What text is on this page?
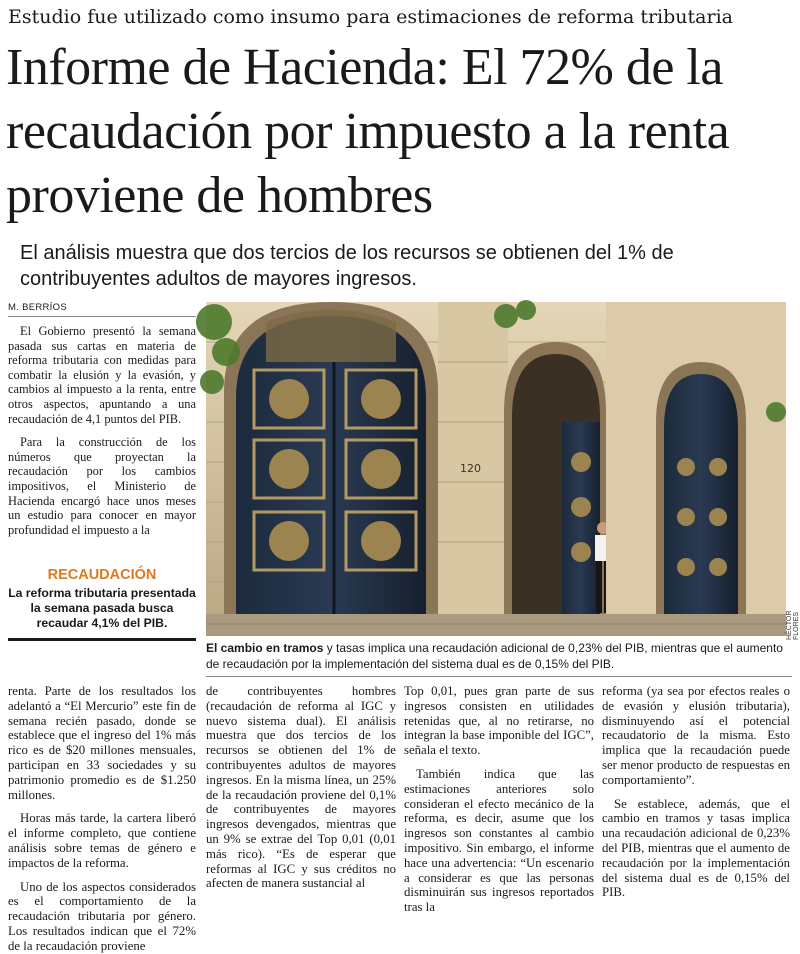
Estudio fue utilizado como insumo para estimaciones de reforma tributaria
Informe de Hacienda: El 72% de la recaudación por impuesto a la renta proviene de hombres
El análisis muestra que dos tercios de los recursos se obtienen del 1% de contribuyentes adultos de mayores ingresos.
M. BERRÍOS

El Gobierno presentó la semana pasada sus cartas en materia de reforma tributaria con medidas para combatir la elusión y la evasión, y cambios al impuesto a la renta, entre otros aspectos, apuntando a una recaudación de 4,1 puntos del PIB.

Para la construcción de los números que proyectan la recaudación por los cambios impositivos, el Ministerio de Hacienda encargó hace unos meses un estudio para conocer en mayor profundidad el impuesto a la

RECAUDACIÓN
La reforma tributaria presentada la semana pasada busca recaudar 4,1% del PIB.
120
HÉCTOR FLORES
El cambio en tramos y tasas implica una recaudación adicional de 0,23% del PIB, mientras que el aumento de recaudación por la implementación del sistema dual es de 0,15% del PIB.

renta. Parte de los resultados los adelantó a “El Mercurio” este fin de semana recién pasado, donde se establece que el ingreso del 1% más rico es de $20 millones mensuales, participan en 33 sociedades y su patrimonio promedio es de $1.250 millones.

Horas más tarde, la cartera liberó el informe completo, que contiene análisis sobre temas de género e impactos de la reforma.

Uno de los aspectos considerados es el comportamiento de la recaudación tributaria por género. Los resultados indican que el 72% de la recaudación proviene

de contribuyentes hombres (recaudación de reforma al IGC y nuevo sistema dual). El análisis muestra que dos tercios de los recursos se obtienen del 1% de contribuyentes adultos de mayores ingresos. En la misma línea, un 25% de la recaudación proviene del 0,1% de contribuyentes de mayores ingresos devengados, mientras que un 9% se extrae del Top 0,01 (0,01 más rico). “Es de esperar que reformas al IGC y sus créditos no afecten de manera sustancial al

Top 0,01, pues gran parte de sus ingresos consisten en utilidades retenidas que, al no retirarse, no integran la base imponible del IGC”, señala el texto.

También indica que las estimaciones anteriores solo consideran el efecto mecánico de la reforma, es decir, asume que los ingresos son constantes al cambio impositivo. Sin embargo, el informe hace una advertencia: “Un escenario a considerar es que las personas disminuirán sus ingresos reportados tras la

reforma (ya sea por efectos reales o de evasión y elusión tributaria), disminuyendo así el potencial recaudatorio de la misma. Esto implica que la recaudación puede ser menor producto de respuestas en comportamiento”.

Se establece, además, que el cambio en tramos y tasas implica una recaudación adicional de 0,23% del PIB, mientras que el aumento de recaudación por la implementación del sistema dual es de 0,15% del PIB.
